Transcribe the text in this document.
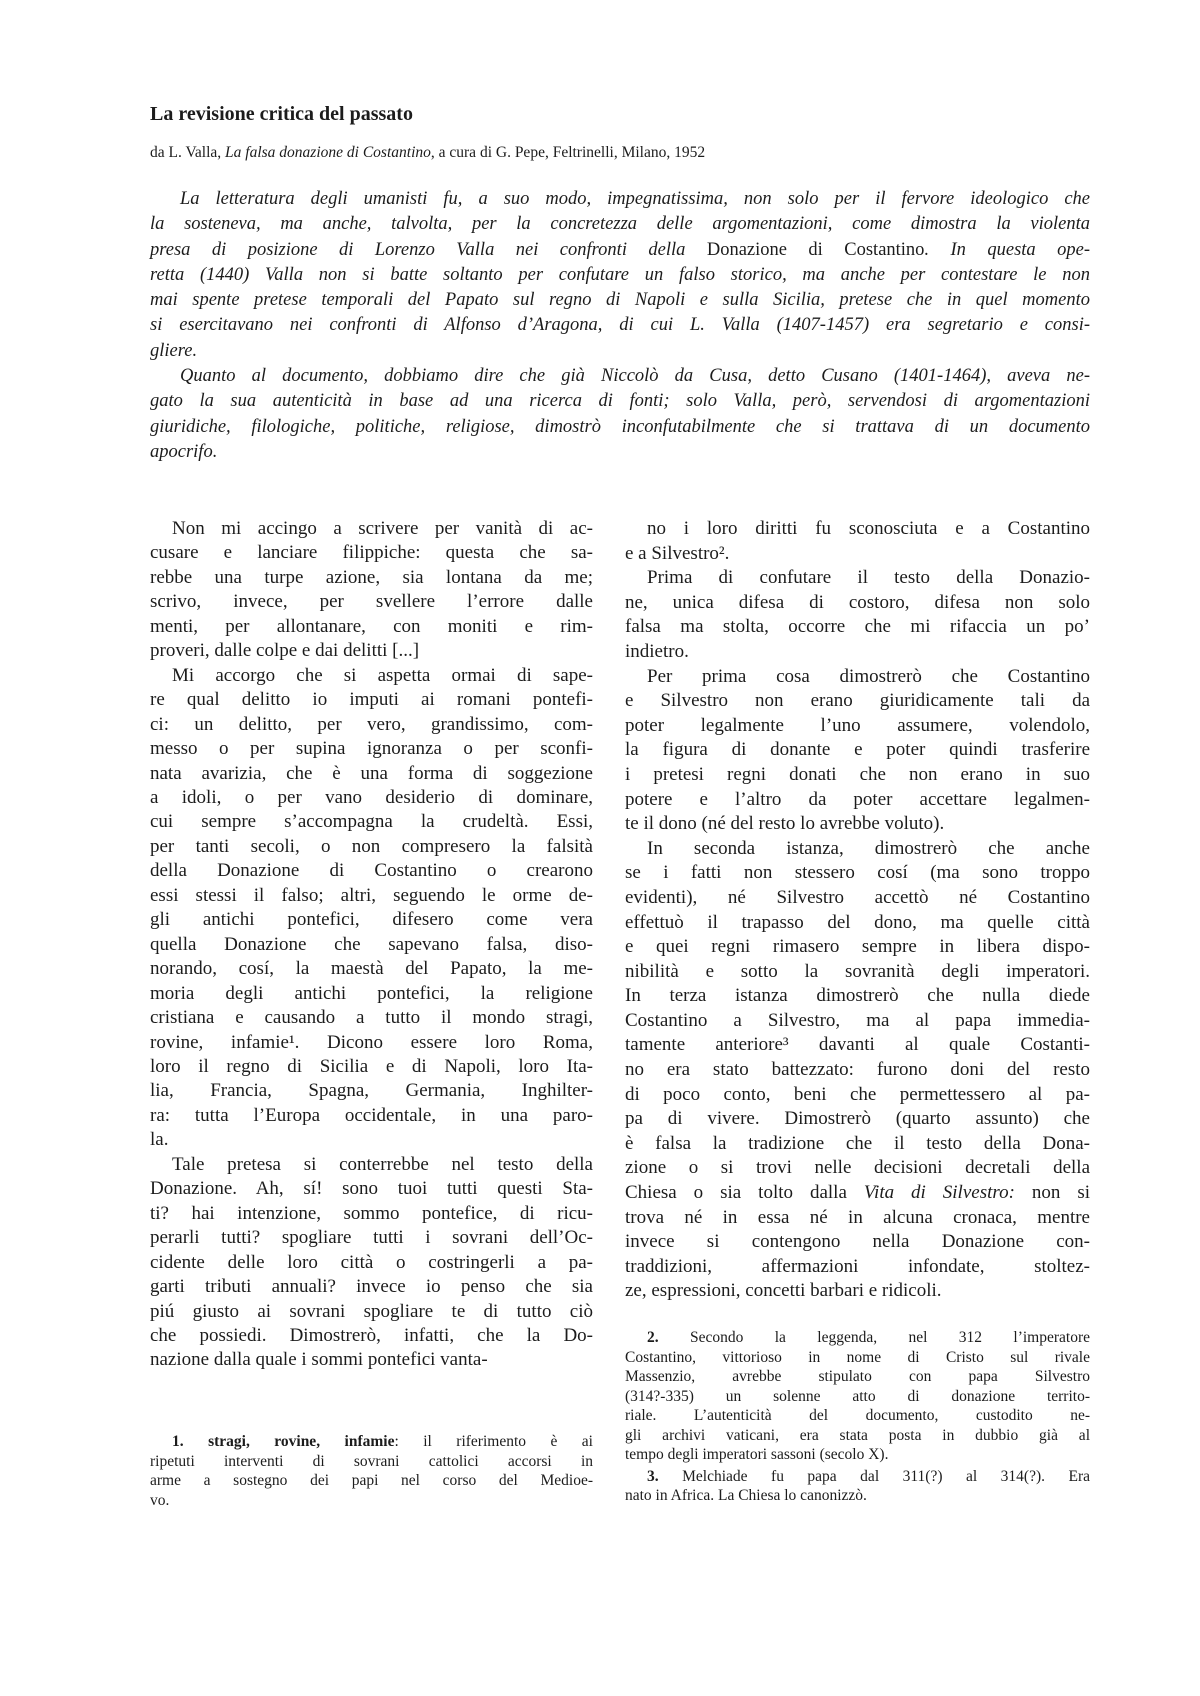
La revisione critica del passato
da L. Valla, La falsa donazione di Costantino, a cura di G. Pepe, Feltrinelli, Milano, 1952
La letteratura degli umanisti fu, a suo modo, impegnatissima, non solo per il fervore ideologico che
la sosteneva, ma anche, talvolta, per la concretezza delle argomentazioni, come dimostra la violenta
presa di posizione di Lorenzo Valla nei confronti della Donazione di Costantino. In questa ope-
retta (1440) Valla non si batte soltanto per confutare un falso storico, ma anche per contestare le non
mai spente pretese temporali del Papato sul regno di Napoli e sulla Sicilia, pretese che in quel momento
si esercitavano nei confronti di Alfonso d’Aragona, di cui L. Valla (1407-1457) era segretario e consi-
gliere.
Quanto al documento, dobbiamo dire che già Niccolò da Cusa, detto Cusano (1401-1464), aveva ne-
gato la sua autenticità in base ad una ricerca di fonti; solo Valla, però, servendosi di argomentazioni
giuridiche, filologiche, politiche, religiose, dimostrò inconfutabilmente che si trattava di un documento
apocrifo.
Non mi accingo a scrivere per vanità di ac-
cusare e lanciare filippiche: questa che sa-
rebbe una turpe azione, sia lontana da me;
scrivo, invece, per svellere l’errore dalle
menti, per allontanare, con moniti e rim-
proveri, dalle colpe e dai delitti [...]
Mi accorgo che si aspetta ormai di sape-
re qual delitto io imputi ai romani pontefi-
ci: un delitto, per vero, grandissimo, com-
messo o per supina ignoranza o per sconfi-
nata avarizia, che è una forma di soggezione
a idoli, o per vano desiderio di dominare,
cui sempre s’accompagna la crudeltà. Essi,
per tanti secoli, o non compresero la falsità
della Donazione di Costantino o crearono
essi stessi il falso; altri, seguendo le orme de-
gli antichi pontefici, difesero come vera
quella Donazione che sapevano falsa, diso-
norando, cosí, la maestà del Papato, la me-
moria degli antichi pontefici, la religione
cristiana e causando a tutto il mondo stragi,
rovine, infamie¹. Dicono essere loro Roma,
loro il regno di Sicilia e di Napoli, loro Ita-
lia, Francia, Spagna, Germania, Inghilter-
ra: tutta l’Europa occidentale, in una paro-
la.
Tale pretesa si conterrebbe nel testo della
Donazione. Ah, sí! sono tuoi tutti questi Sta-
ti? hai intenzione, sommo pontefice, di ricu-
perarli tutti? spogliare tutti i sovrani dell’Oc-
cidente delle loro città o costringerli a pa-
garti tributi annuali? invece io penso che sia
piú giusto ai sovrani spogliare te di tutto ciò
che possiedi. Dimostrerò, infatti, che la Do-
nazione dalla quale i sommi pontefici vanta-
no i loro diritti fu sconosciuta e a Costantino
e a Silvestro².
Prima di confutare il testo della Donazio-
ne, unica difesa di costoro, difesa non solo
falsa ma stolta, occorre che mi rifaccia un po’
indietro.
Per prima cosa dimostrerò che Costantino
e Silvestro non erano giuridicamente tali da
poter legalmente l’uno assumere, volendolo,
la figura di donante e poter quindi trasferire
i pretesi regni donati che non erano in suo
potere e l’altro da poter accettare legalmen-
te il dono (né del resto lo avrebbe voluto).
In seconda istanza, dimostrerò che anche
se i fatti non stessero cosí (ma sono troppo
evidenti), né Silvestro accettò né Costantino
effettuò il trapasso del dono, ma quelle città
e quei regni rimasero sempre in libera dispo-
nibilità e sotto la sovranità degli imperatori.
In terza istanza dimostrerò che nulla diede
Costantino a Silvestro, ma al papa immedia-
tamente anteriore³ davanti al quale Costanti-
no era stato battezzato: furono doni del resto
di poco conto, beni che permettessero al pa-
pa di vivere. Dimostrerò (quarto assunto) che
è falsa la tradizione che il testo della Dona-
zione o si trovi nelle decisioni decretali della
Chiesa o sia tolto dalla Vita di Silvestro: non si
trova né in essa né in alcuna cronaca, mentre
invece si contengono nella Donazione con-
traddizioni, affermazioni infondate, stoltez-
ze, espressioni, concetti barbari e ridicoli.
1. stragi, rovine, infamie: il riferimento è ai
ripetuti interventi di sovrani cattolici accorsi in
arme a sostegno dei papi nel corso del Medioe-
vo.
2. Secondo la leggenda, nel 312 l’imperatore
Costantino, vittorioso in nome di Cristo sul rivale
Massenzio, avrebbe stipulato con papa Silvestro
(314?-335) un solenne atto di donazione territo-
riale. L’autenticità del documento, custodito ne-
gli archivi vaticani, era stata posta in dubbio già al
tempo degli imperatori sassoni (secolo X).
3. Melchiade fu papa dal 311(?) al 314(?). Era
nato in Africa. La Chiesa lo canonizzò.
